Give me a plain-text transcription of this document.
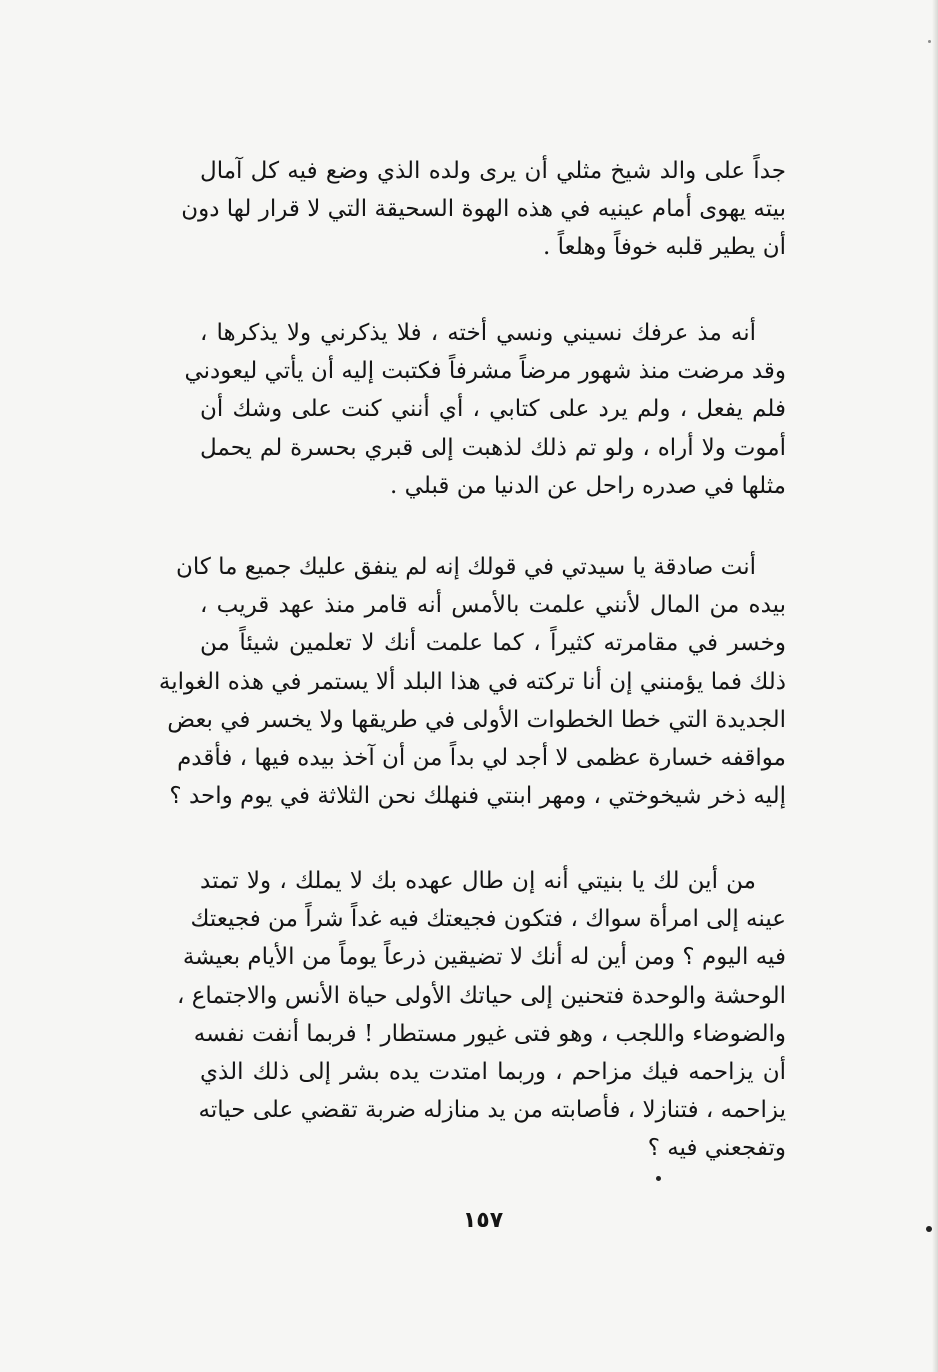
جداً على والد شيخ مثلي أن يرى ولده الذي وضع فيه كل آمال
بيته يهوى أمام عينيه في هذه الهوة السحيقة التي لا قرار لها دون
أن يطير قلبه خوفاً وهلعاً .
أنه مذ عرفك نسيني ونسي أخته ، فلا يذكرني ولا يذكرها ،
وقد مرضت منذ شهور مرضاً مشرفاً فكتبت إليه أن يأتي ليعودني
فلم يفعل ، ولم يرد على كتابي ، أي أنني كنت على وشك أن
أموت ولا أراه ، ولو تم ذلك لذهبت إلى قبري بحسرة لم يحمل
مثلها في صدره راحل عن الدنيا من قبلي .
أنت صادقة يا سيدتي في قولك إنه لم ينفق عليك جميع ما كان
بيده من المال لأنني علمت بالأمس أنه قامر منذ عهد قريب ،
وخسر في مقامرته كثيراً ، كما علمت أنك لا تعلمين شيئاً من
ذلك فما يؤمنني إن أنا تركته في هذا البلد ألا يستمر في هذه الغواية
الجديدة التي خطا الخطوات الأولى في طريقها ولا يخسر في بعض
مواقفه خسارة عظمى لا أجد لي بداً من أن آخذ بيده فيها ، فأقدم
إليه ذخر شيخوختي ، ومهر ابنتي فنهلك نحن الثلاثة في يوم واحد ؟
من أين لك يا بنيتي أنه إن طال عهده بك لا يملك ، ولا تمتد
عينه إلى امرأة سواك ، فتكون فجيعتك فيه غداً شراً من فجيعتك
فيه اليوم ؟ ومن أين له أنك لا تضيقين ذرعاً يوماً من الأيام بعيشة
الوحشة والوحدة فتحنين إلى حياتك الأولى حياة الأنس والاجتماع ،
والضوضاء واللجب ، وهو فتى غيور مستطار ! فربما أنفت نفسه
أن يزاحمه فيك مزاحم ، وربما امتدت يده بشر إلى ذلك الذي
يزاحمه ، فتنازلا ، فأصابته من يد منازله ضربة تقضي على حياته
وتفجعني فيه ؟
١٥٧
